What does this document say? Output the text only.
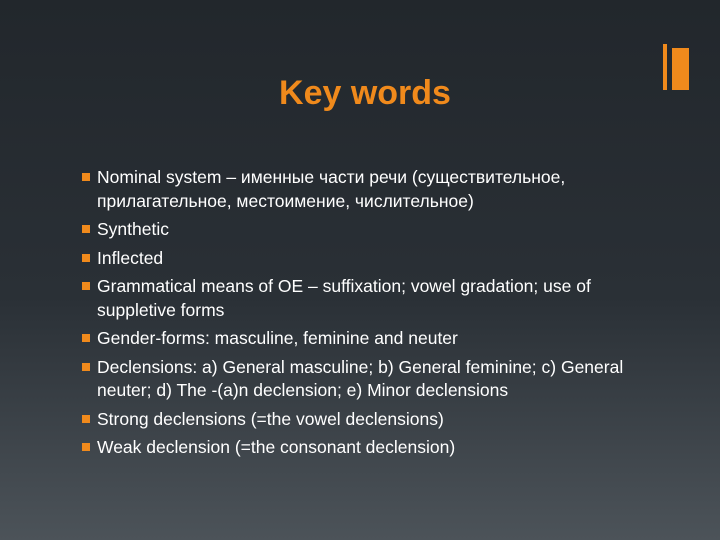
Key words
Nominal system – именные части речи (существительное, прилагательное, местоимение, числительное)
Synthetic
Inflected
Grammatical means of OE – suffixation; vowel gradation; use of suppletive forms
Gender-forms: masculine, feminine and neuter
Declensions: a) General masculine; b) General feminine; c) General neuter; d) The -(a)n declension; e) Minor declensions
Strong declensions (=the vowel declensions)
Weak declension (=the consonant declension)
